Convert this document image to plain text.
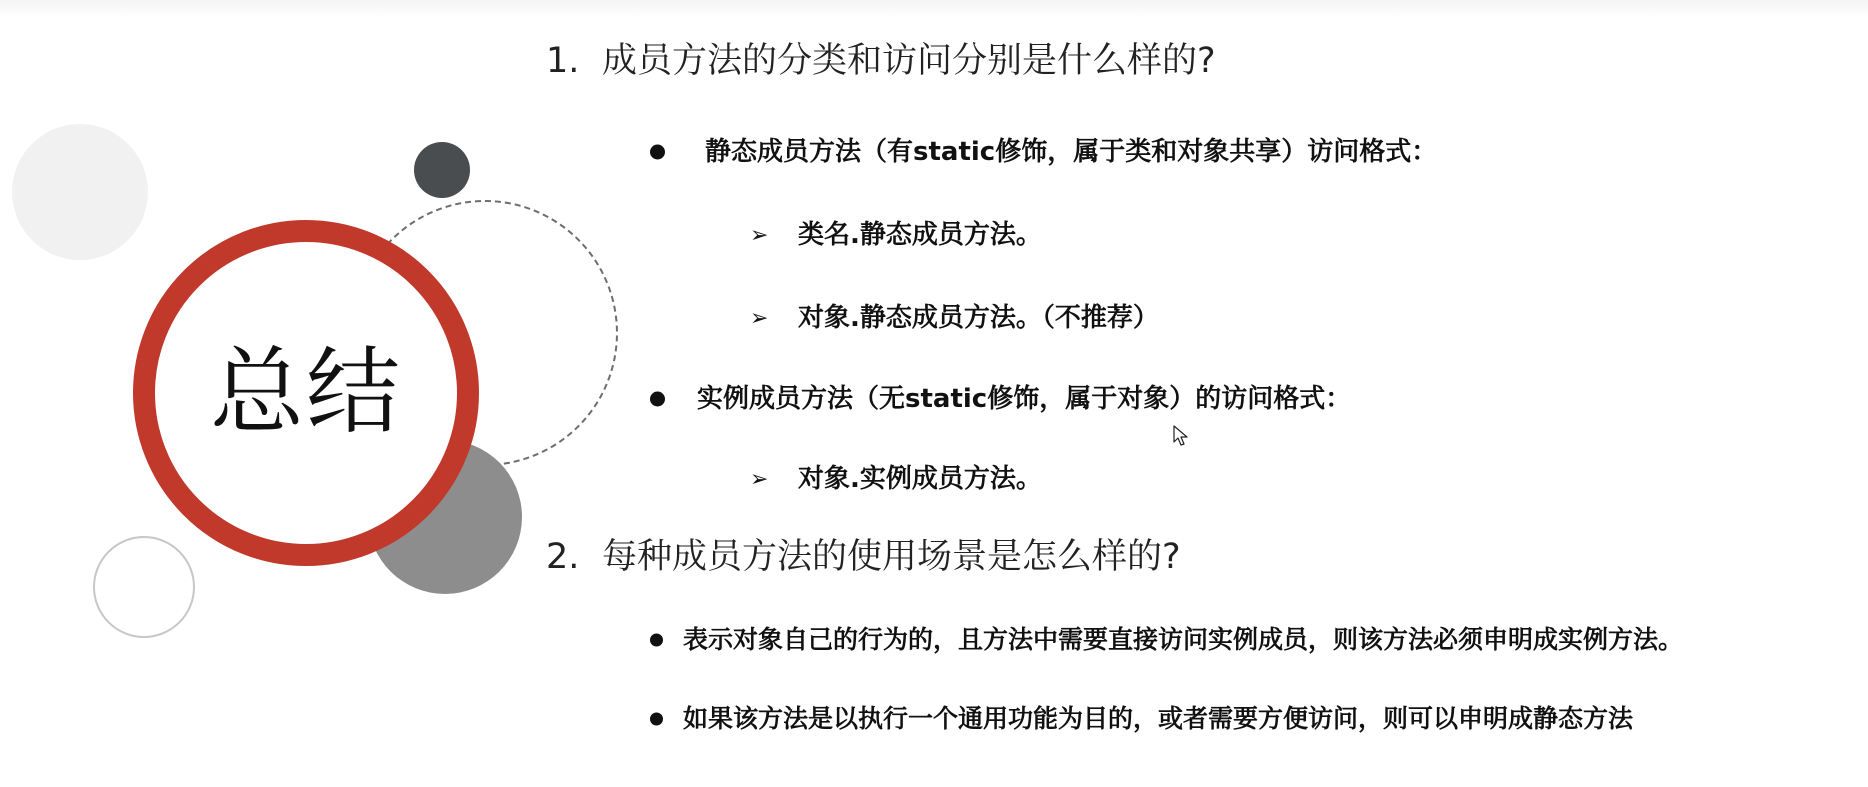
总结
1. 成员方法的分类和访问分别是什么样的?
静态成员方法（有static修饰，属于类和对象共享）访问格式：
➢ 类名.静态成员方法。
➢ 对象.静态成员方法。（不推荐）
实例成员方法（无static修饰，属于对象）的访问格式：
➢ 对象.实例成员方法。
2. 每种成员方法的使用场景是怎么样的?
表示对象自己的行为的，且方法中需要直接访问实例成员，则该方法必须申明成实例方法。
如果该方法是以执行一个通用功能为目的，或者需要方便访问，则可以申明成静态方法
